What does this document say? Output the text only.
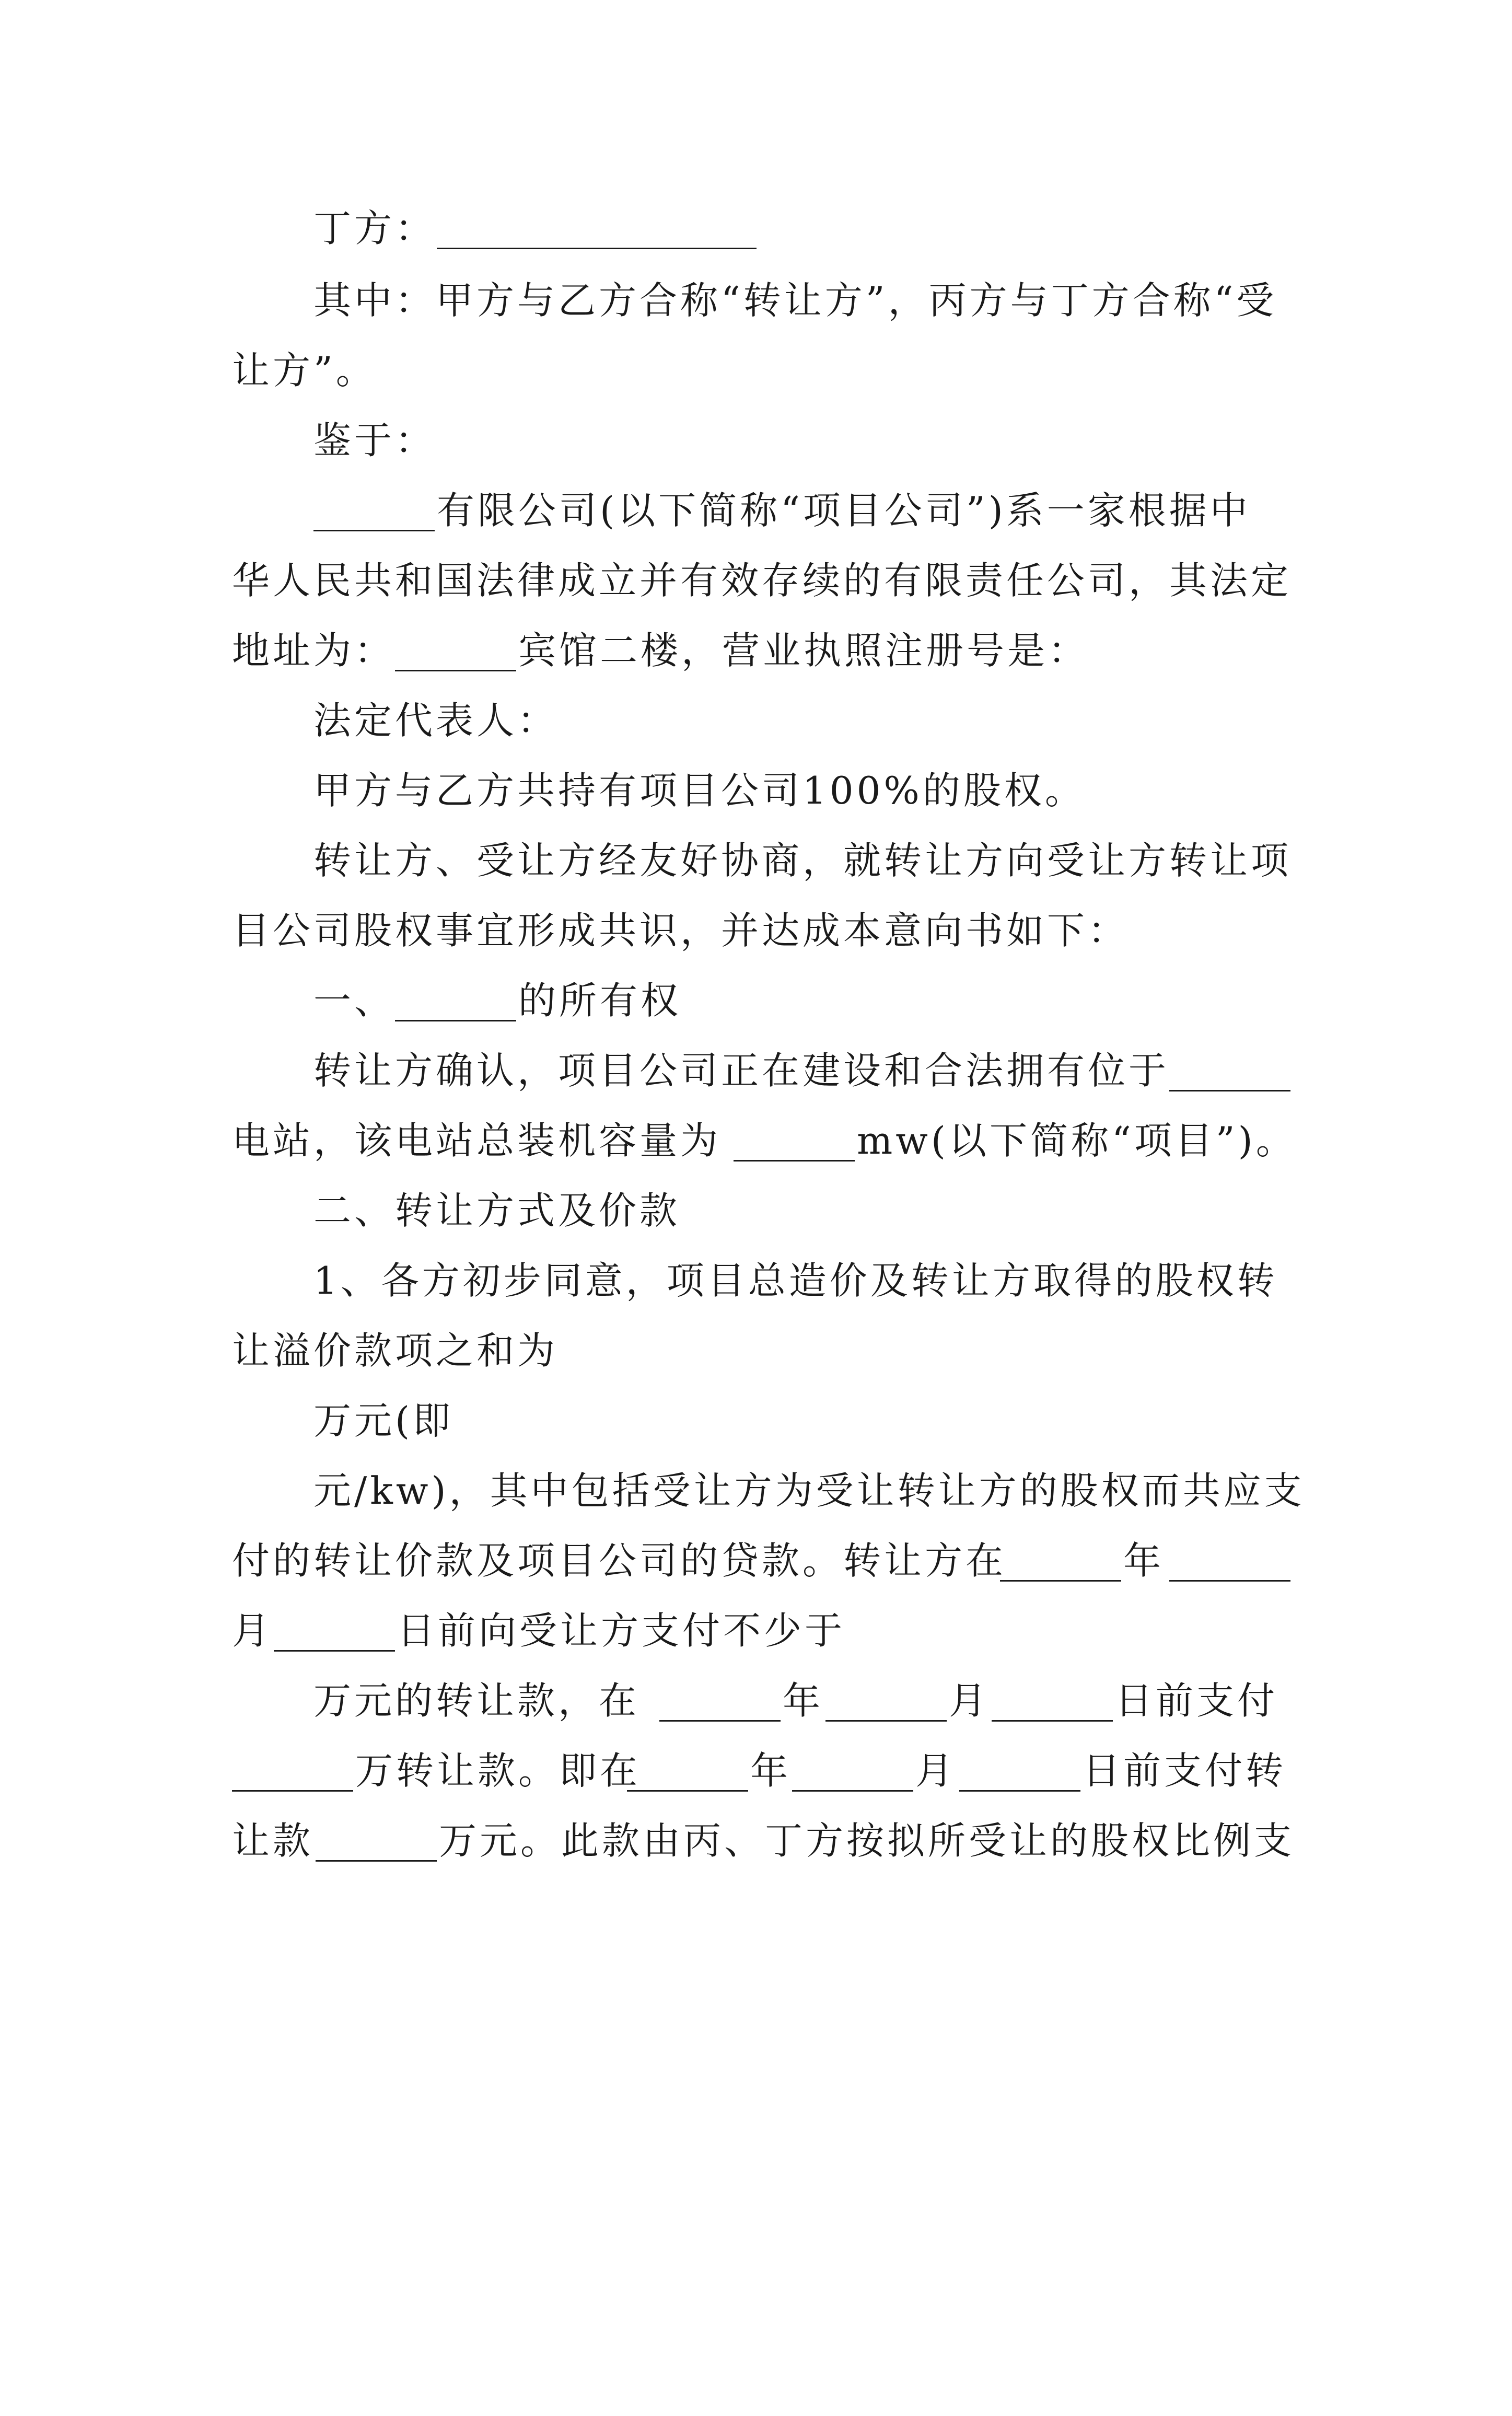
丁方：

其中：甲方与乙方合称“转让方”，丙方与丁方合称“受

让方”。

鉴于：

有限公司(以下简称“项目公司”)系一家根据中

华人民共和国法律成立并有效存续的有限责任公司，其法定

地址为：

	宾馆二楼，营业执照注册号是：

法定代表人：

甲方与乙方共持有项目公司100%的股权。

转让方、受让方经友好协商，就转让方向受让方转让项

目公司股权事宜形成共识，并达成本意向书如下：

一、

	的所有权

转让方确认，项目公司正在建设和合法拥有位于

电站，该电站总装机容量为

	mw(以下简称“项目”)。

二、转让方式及价款

1、各方初步同意，项目总造价及转让方取得的股权转

让溢价款项之和为

万元(即

元/kw)，其中包括受让方为受让转让方的股权而共应支

付的转让价款及项目公司的贷款。转让方在

	年

月

	日前向受让方支付不少于

万元的转让款，在

	年

	月

	日前支付

万转让款。即在

	年

	月

	日前支付转

让款

	万元。此款由丙、丁方按拟所受让的股权比例支
